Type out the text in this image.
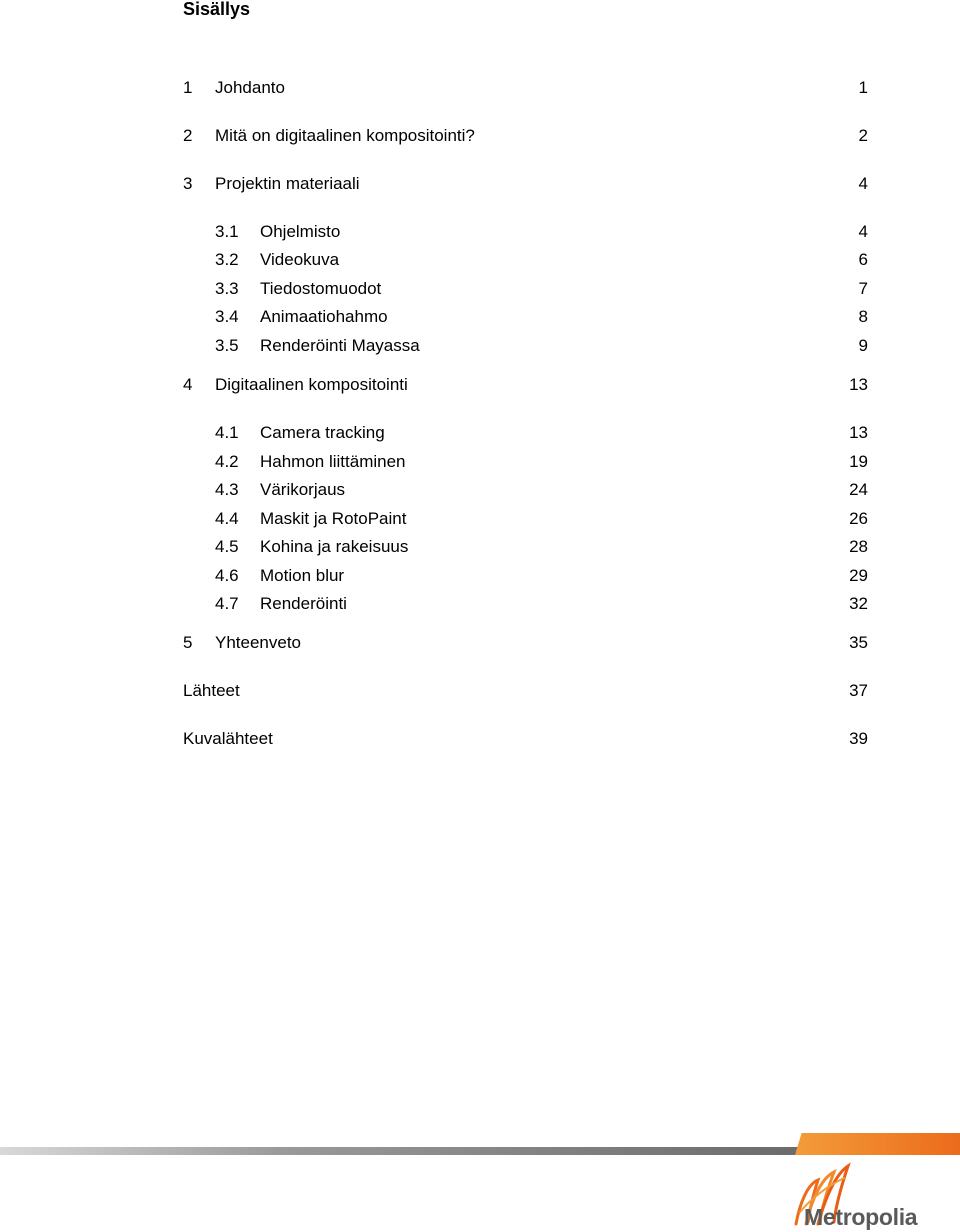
Sisällys
1 Johdanto	1
2 Mitä on digitaalinen kompositointi?	2
3 Projektin materiaali	4
3.1 Ohjelmisto	4
3.2 Videokuva	6
3.3 Tiedostomuodot	7
3.4 Animaatiohahmo	8
3.5 Renderöinti Mayassa	9
4 Digitaalinen kompositointi	13
4.1 Camera tracking	13
4.2 Hahmon liittäminen	19
4.3 Värikorjaus	24
4.4 Maskit ja RotoPaint	26
4.5 Kohina ja rakeisuus	28
4.6 Motion blur	29
4.7 Renderöinti	32
5 Yhteenveto	35
Lähteet	37
Kuvalähteet	39
Metropolia
